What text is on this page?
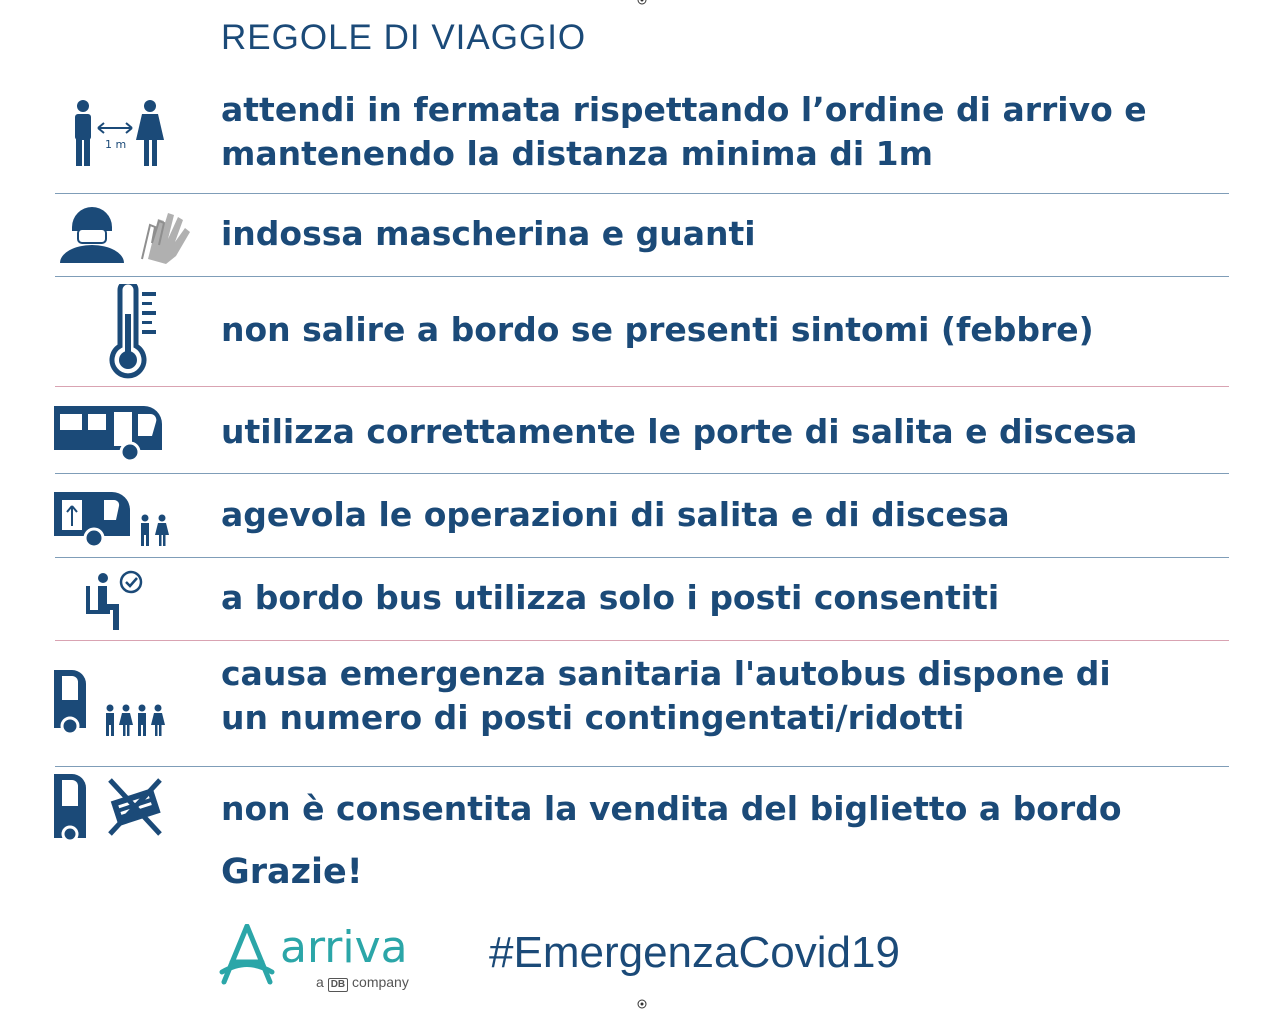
REGOLE DI VIAGGIO
1 m
attendi in fermata rispettando l’ordine di arrivo e
mantenendo la distanza minima di 1m
indossa mascherina e guanti
non salire a bordo se presenti sintomi (febbre)
utilizza correttamente le porte di salita e discesa
agevola le operazioni di salita e di discesa
a bordo bus utilizza solo i posti consentiti
causa emergenza sanitaria l'autobus dispone di
un numero di posti contingentati/ridotti
non è consentita la vendita del biglietto a bordo
Grazie!
arriva
a DB company
#EmergenzaCovid19
